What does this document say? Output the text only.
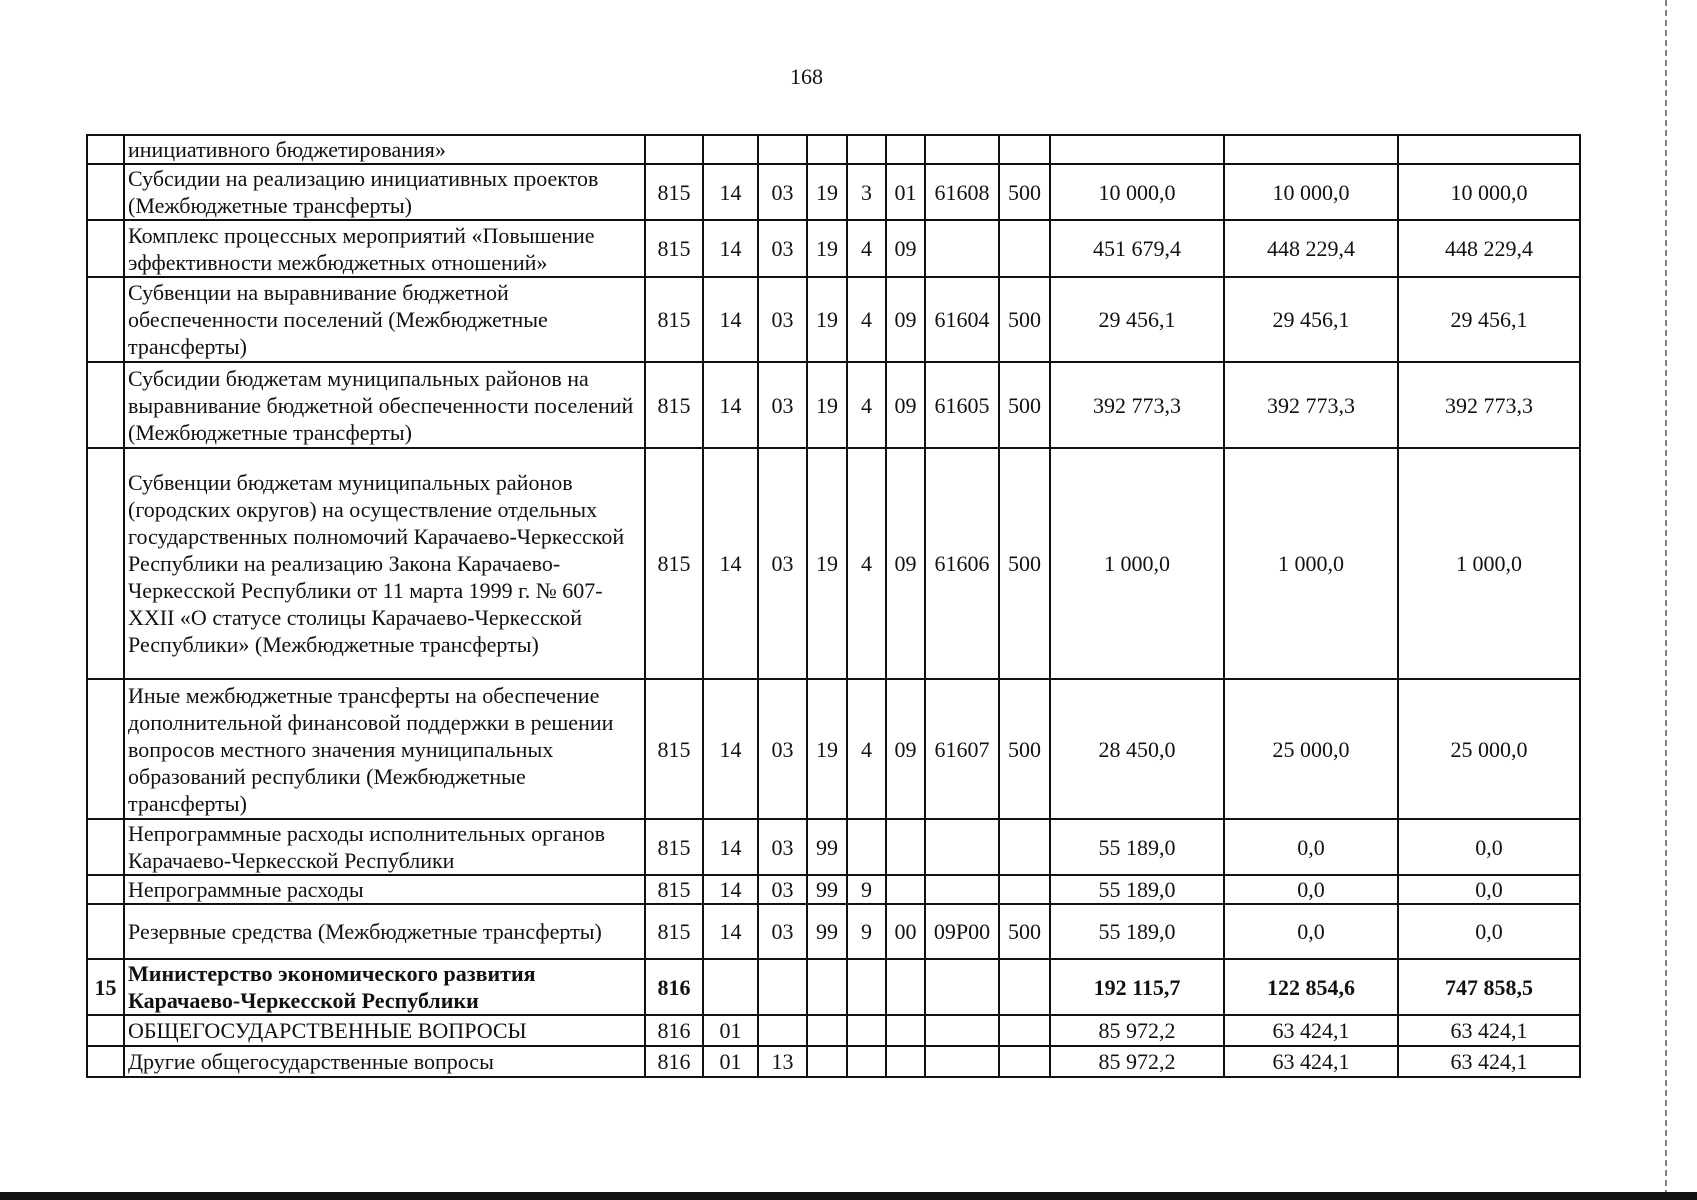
168
	инициативного бюджетирования»											
	Субсидии на реализацию инициативных проектов (Межбюджетные трансферты)	815	14	03	19	3	01	61608	500	10 000,0	10 000,0	10 000,0
	Комплекс процессных мероприятий «Повышение эффективности межбюджетных отношений»	815	14	03	19	4	09			451 679,4	448 229,4	448 229,4
	Субвенции на выравнивание бюджетной обеспеченности поселений (Межбюджетные трансферты)	815	14	03	19	4	09	61604	500	29 456,1	29 456,1	29 456,1
	Субсидии бюджетам муниципальных районов на выравнивание бюджетной обеспеченности поселений (Межбюджетные трансферты)	815	14	03	19	4	09	61605	500	392 773,3	392 773,3	392 773,3
	Субвенции бюджетам муниципальных районов (городских округов) на осуществление отдельных государственных полномочий Карачаево-Черкесской Республики на реализацию Закона Карачаево-Черкесской Республики от 11 марта 1999 г. № 607-XXII «О статусе столицы Карачаево-Черкесской Республики» (Межбюджетные трансферты)	815	14	03	19	4	09	61606	500	1 000,0	1 000,0	1 000,0
	Иные межбюджетные трансферты на обеспечение дополнительной финансовой поддержки в решении вопросов местного значения муниципальных образований республики (Межбюджетные трансферты)	815	14	03	19	4	09	61607	500	28 450,0	25 000,0	25 000,0
	Непрограммные расходы исполнительных органов Карачаево-Черкесской Республики	815	14	03	99					55 189,0	0,0	0,0
	Непрограммные расходы	815	14	03	99	9				55 189,0	0,0	0,0
	Резервные средства (Межбюджетные трансферты)	815	14	03	99	9	00	09Р00	500	55 189,0	0,0	0,0
15	Министерство экономического развития Карачаево-Черкесской Республики	816								192 115,7	122 854,6	747 858,5
	ОБЩЕГОСУДАРСТВЕННЫЕ ВОПРОСЫ	816	01							85 972,2	63 424,1	63 424,1
	Другие общегосударственные вопросы	816	01	13						85 972,2	63 424,1	63 424,1
